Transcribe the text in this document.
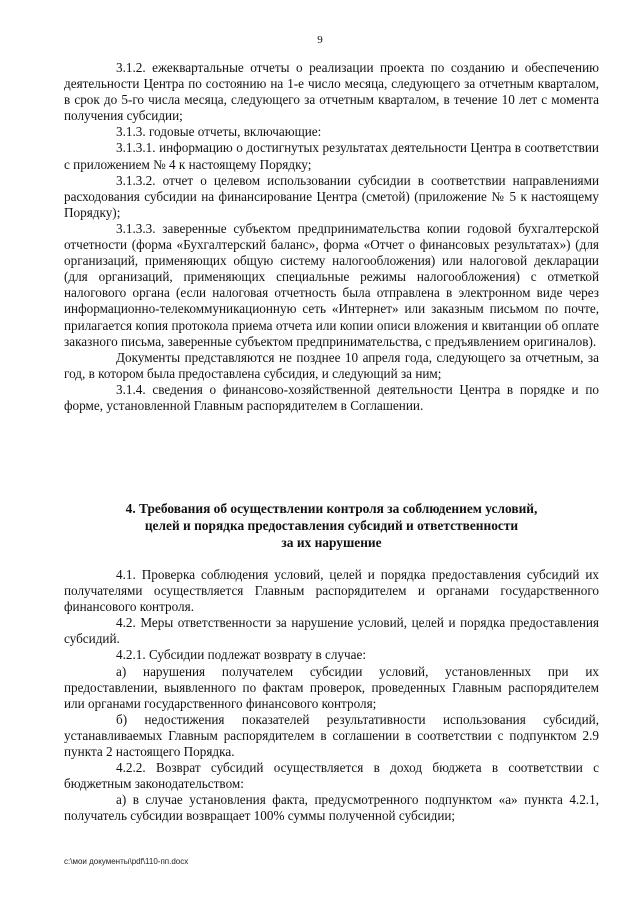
9

3.1.2. ежеквартальные отчеты о реализации проекта по созданию и обеспечению деятельности Центра по состоянию на 1-е число месяца, следующего за отчетным кварталом, в срок до 5-го числа месяца, следующего за отчетным кварталом, в течение 10 лет с момента получения субсидии;

3.1.3. годовые отчеты, включающие:

3.1.3.1. информацию о достигнутых результатах деятельности Центра в соответствии с приложением № 4 к настоящему Порядку;

3.1.3.2. отчет о целевом использовании субсидии в соответствии направлениями расходования субсидии на финансирование Центра (сметой) (приложение № 5 к настоящему Порядку);

3.1.3.3. заверенные субъектом предпринимательства копии годовой бухгалтерской отчетности (форма «Бухгалтерский баланс», форма «Отчет о финансовых результатах») (для организаций, применяющих общую систему налогообложения) или налоговой декларации (для организаций, применяющих специальные режимы налогообложения) с отметкой налогового органа (если налоговая отчетность была отправлена в электронном виде через информационно-телекоммуникационную сеть «Интернет» или заказным письмом по почте, прилагается копия протокола приема отчета или копии описи вложения и квитанции об оплате заказного письма, заверенные субъектом предпринимательства, с предъявлением оригиналов).

Документы представляются не позднее 10 апреля года, следующего за отчетным, за год, в котором была предоставлена субсидия, и следующий за ним;

3.1.4. сведения о финансово-хозяйственной деятельности Центра в порядке и по форме, установленной Главным распорядителем в Соглашении.

4. Требования об осуществлении контроля за соблюдением условий,
целей и порядка предоставления субсидий и ответственности
за их нарушение

4.1. Проверка соблюдения условий, целей и порядка предоставления субсидий их получателями осуществляется Главным распорядителем и органами государственного финансового контроля.

4.2. Меры ответственности за нарушение условий, целей и порядка предоставления субсидий.

4.2.1. Субсидии подлежат возврату в случае:

а) нарушения получателем субсидии условий, установленных при их предоставлении, выявленного по фактам проверок, проведенных Главным распорядителем или органами государственного финансового контроля;

б) недостижения показателей результативности использования субсидий, устанавливаемых Главным распорядителем в соглашении в соответствии с подпунктом 2.9 пункта 2 настоящего Порядка.

4.2.2. Возврат субсидий осуществляется в доход бюджета в соответствии с бюджетным законодательством:

а) в случае установления факта, предусмотренного подпунктом «а» пункта 4.2.1, получатель субсидии возвращает 100% суммы полученной субсидии;

c:\мои документы\pdf\110-пп.docx
